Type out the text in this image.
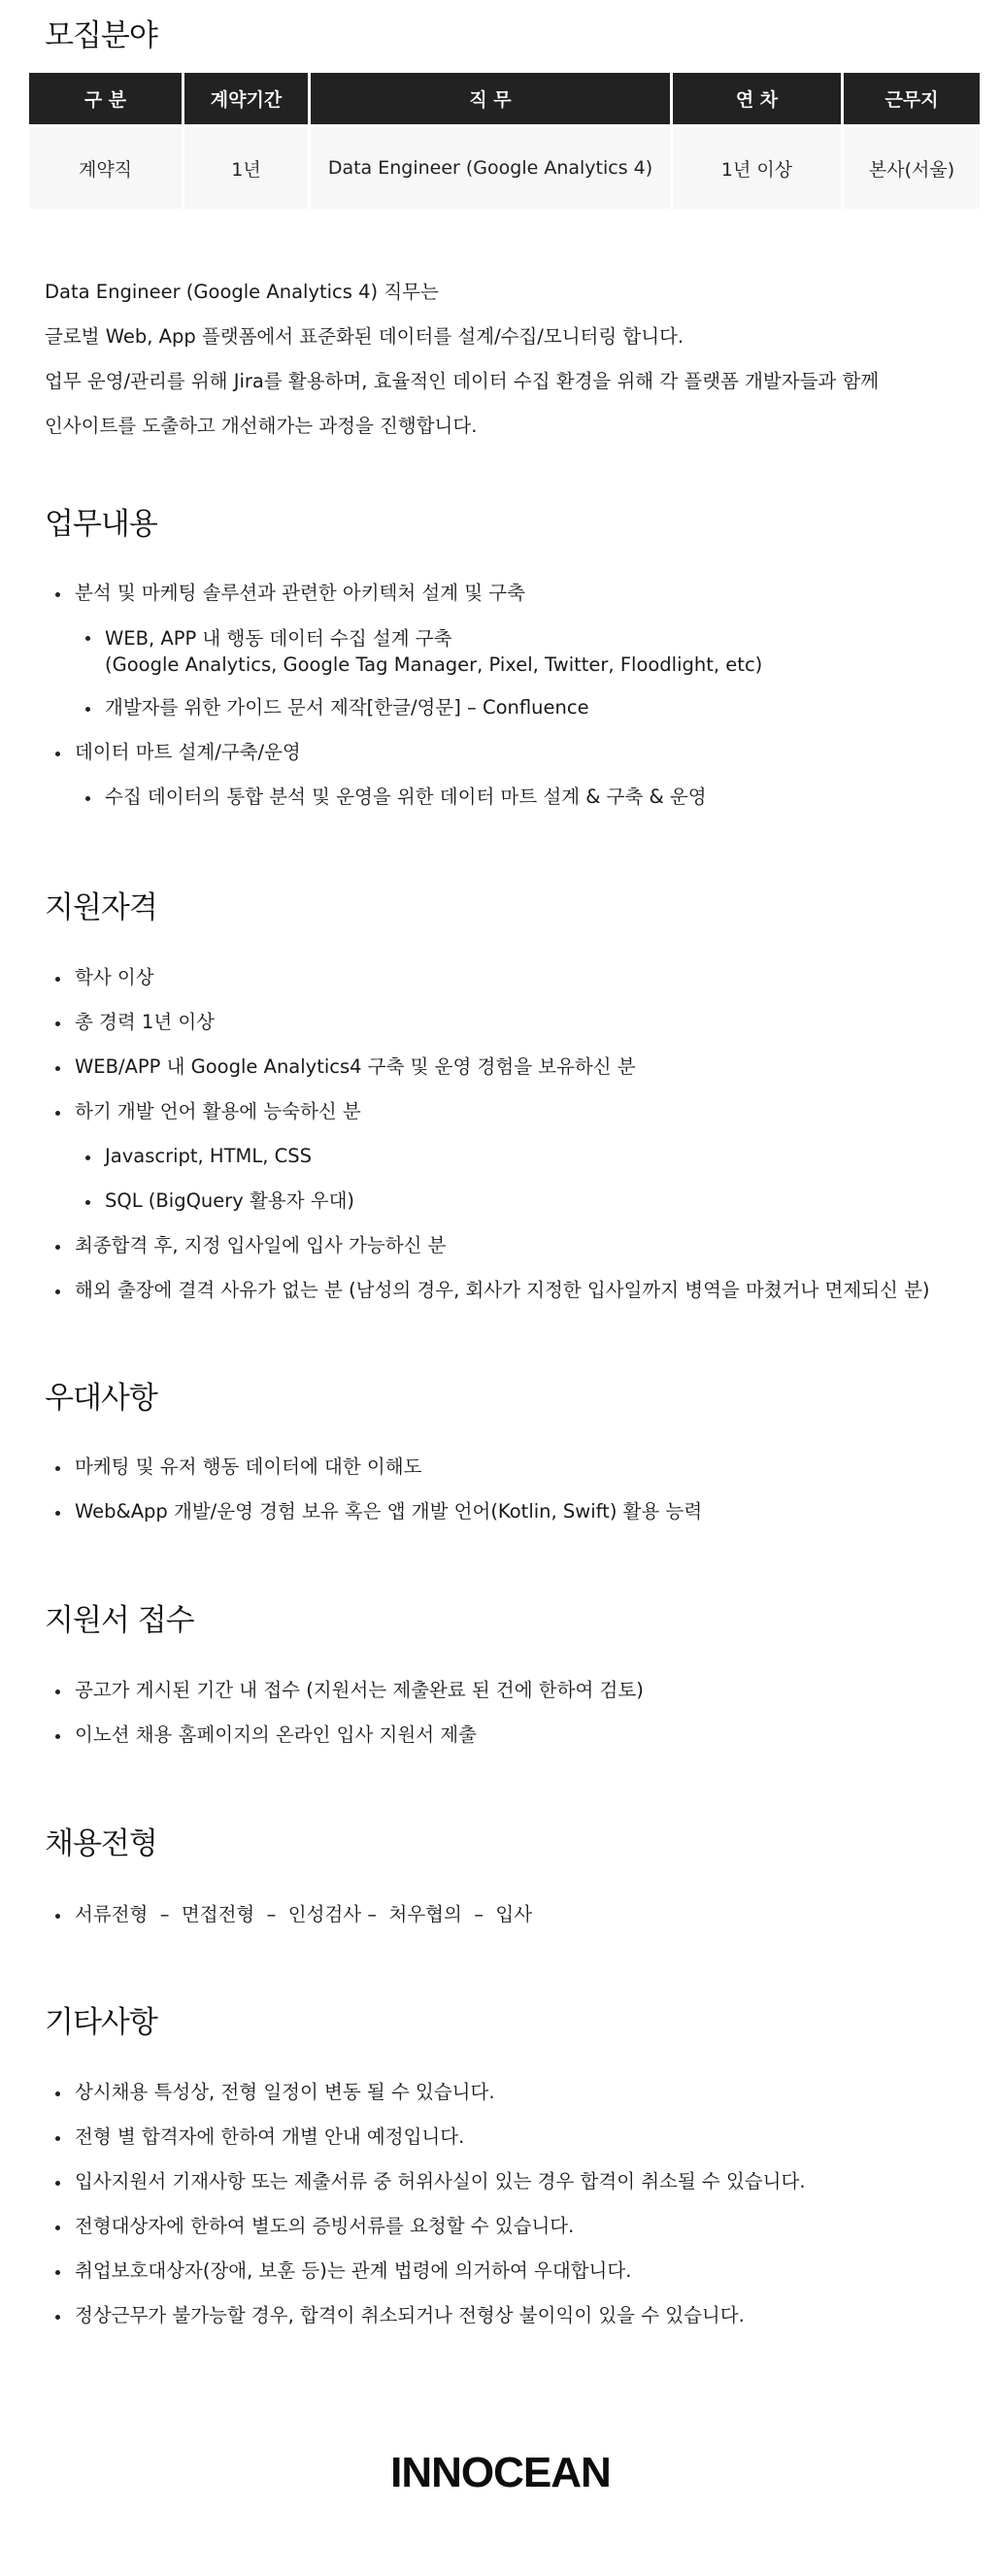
모집분야
구 분	계약기간	직 무	연 차	근무지
계약직	1년	Data Engineer (Google Analytics 4)	1년 이상	본사(서울)

Data Engineer (Google Analytics 4) 직무는

글로벌 Web, App 플랫폼에서 표준화된 데이터를 설계/수집/모니터링 합니다.

업무 운영/관리를 위해 Jira를 활용하며, 효율적인 데이터 수집 환경을 위해 각 플랫폼 개발자들과 함께

인사이트를 도출하고 개선해가는 과정을 진행합니다.

업무내용
분석 및 마케팅 솔루션과 관련한 아키텍처 설계 및 구축
WEB, APP 내 행동 데이터 수집 설계 구축
(Google Analytics, Google Tag Manager, Pixel, Twitter, Floodlight, etc)
개발자를 위한 가이드 문서 제작[한글/영문] – Confluence
데이터 마트 설계/구축/운영
수집 데이터의 통합 분석 및 운영을 위한 데이터 마트 설계 & 구축 & 운영
지원자격
학사 이상
총 경력 1년 이상
WEB/APP 내 Google Analytics4 구축 및 운영 경험을 보유하신 분
하기 개발 언어 활용에 능숙하신 분
Javascript, HTML, CSS
SQL (BigQuery 활용자 우대)
최종합격 후, 지정 입사일에 입사 가능하신 분
해외 출장에 결격 사유가 없는 분 (남성의 경우, 회사가 지정한 입사일까지 병역을 마쳤거나 면제되신 분)
우대사항
마케팅 및 유저 행동 데이터에 대한 이해도
Web&App 개발/운영 경험 보유 혹은 앱 개발 언어(Kotlin, Swift) 활용 능력
지원서 접수
공고가 게시된 기간 내 접수 (지원서는 제출완료 된 건에 한하여 검토)
이노션 채용 홈페이지의 온라인 입사 지원서 제출
채용전형
서류전형  –  면접전형  –  인성검사 –  처우협의  –  입사
기타사항
상시채용 특성상, 전형 일정이 변동 될 수 있습니다.
전형 별 합격자에 한하여 개별 안내 예정입니다.
입사지원서 기재사항 또는 제출서류 중 허위사실이 있는 경우 합격이 취소될 수 있습니다.
전형대상자에 한하여 별도의 증빙서류를 요청할 수 있습니다.
취업보호대상자(장애, 보훈 등)는 관계 법령에 의거하여 우대합니다.
정상근무가 불가능할 경우, 합격이 취소되거나 전형상 불이익이 있을 수 있습니다.
INNOCEAN
